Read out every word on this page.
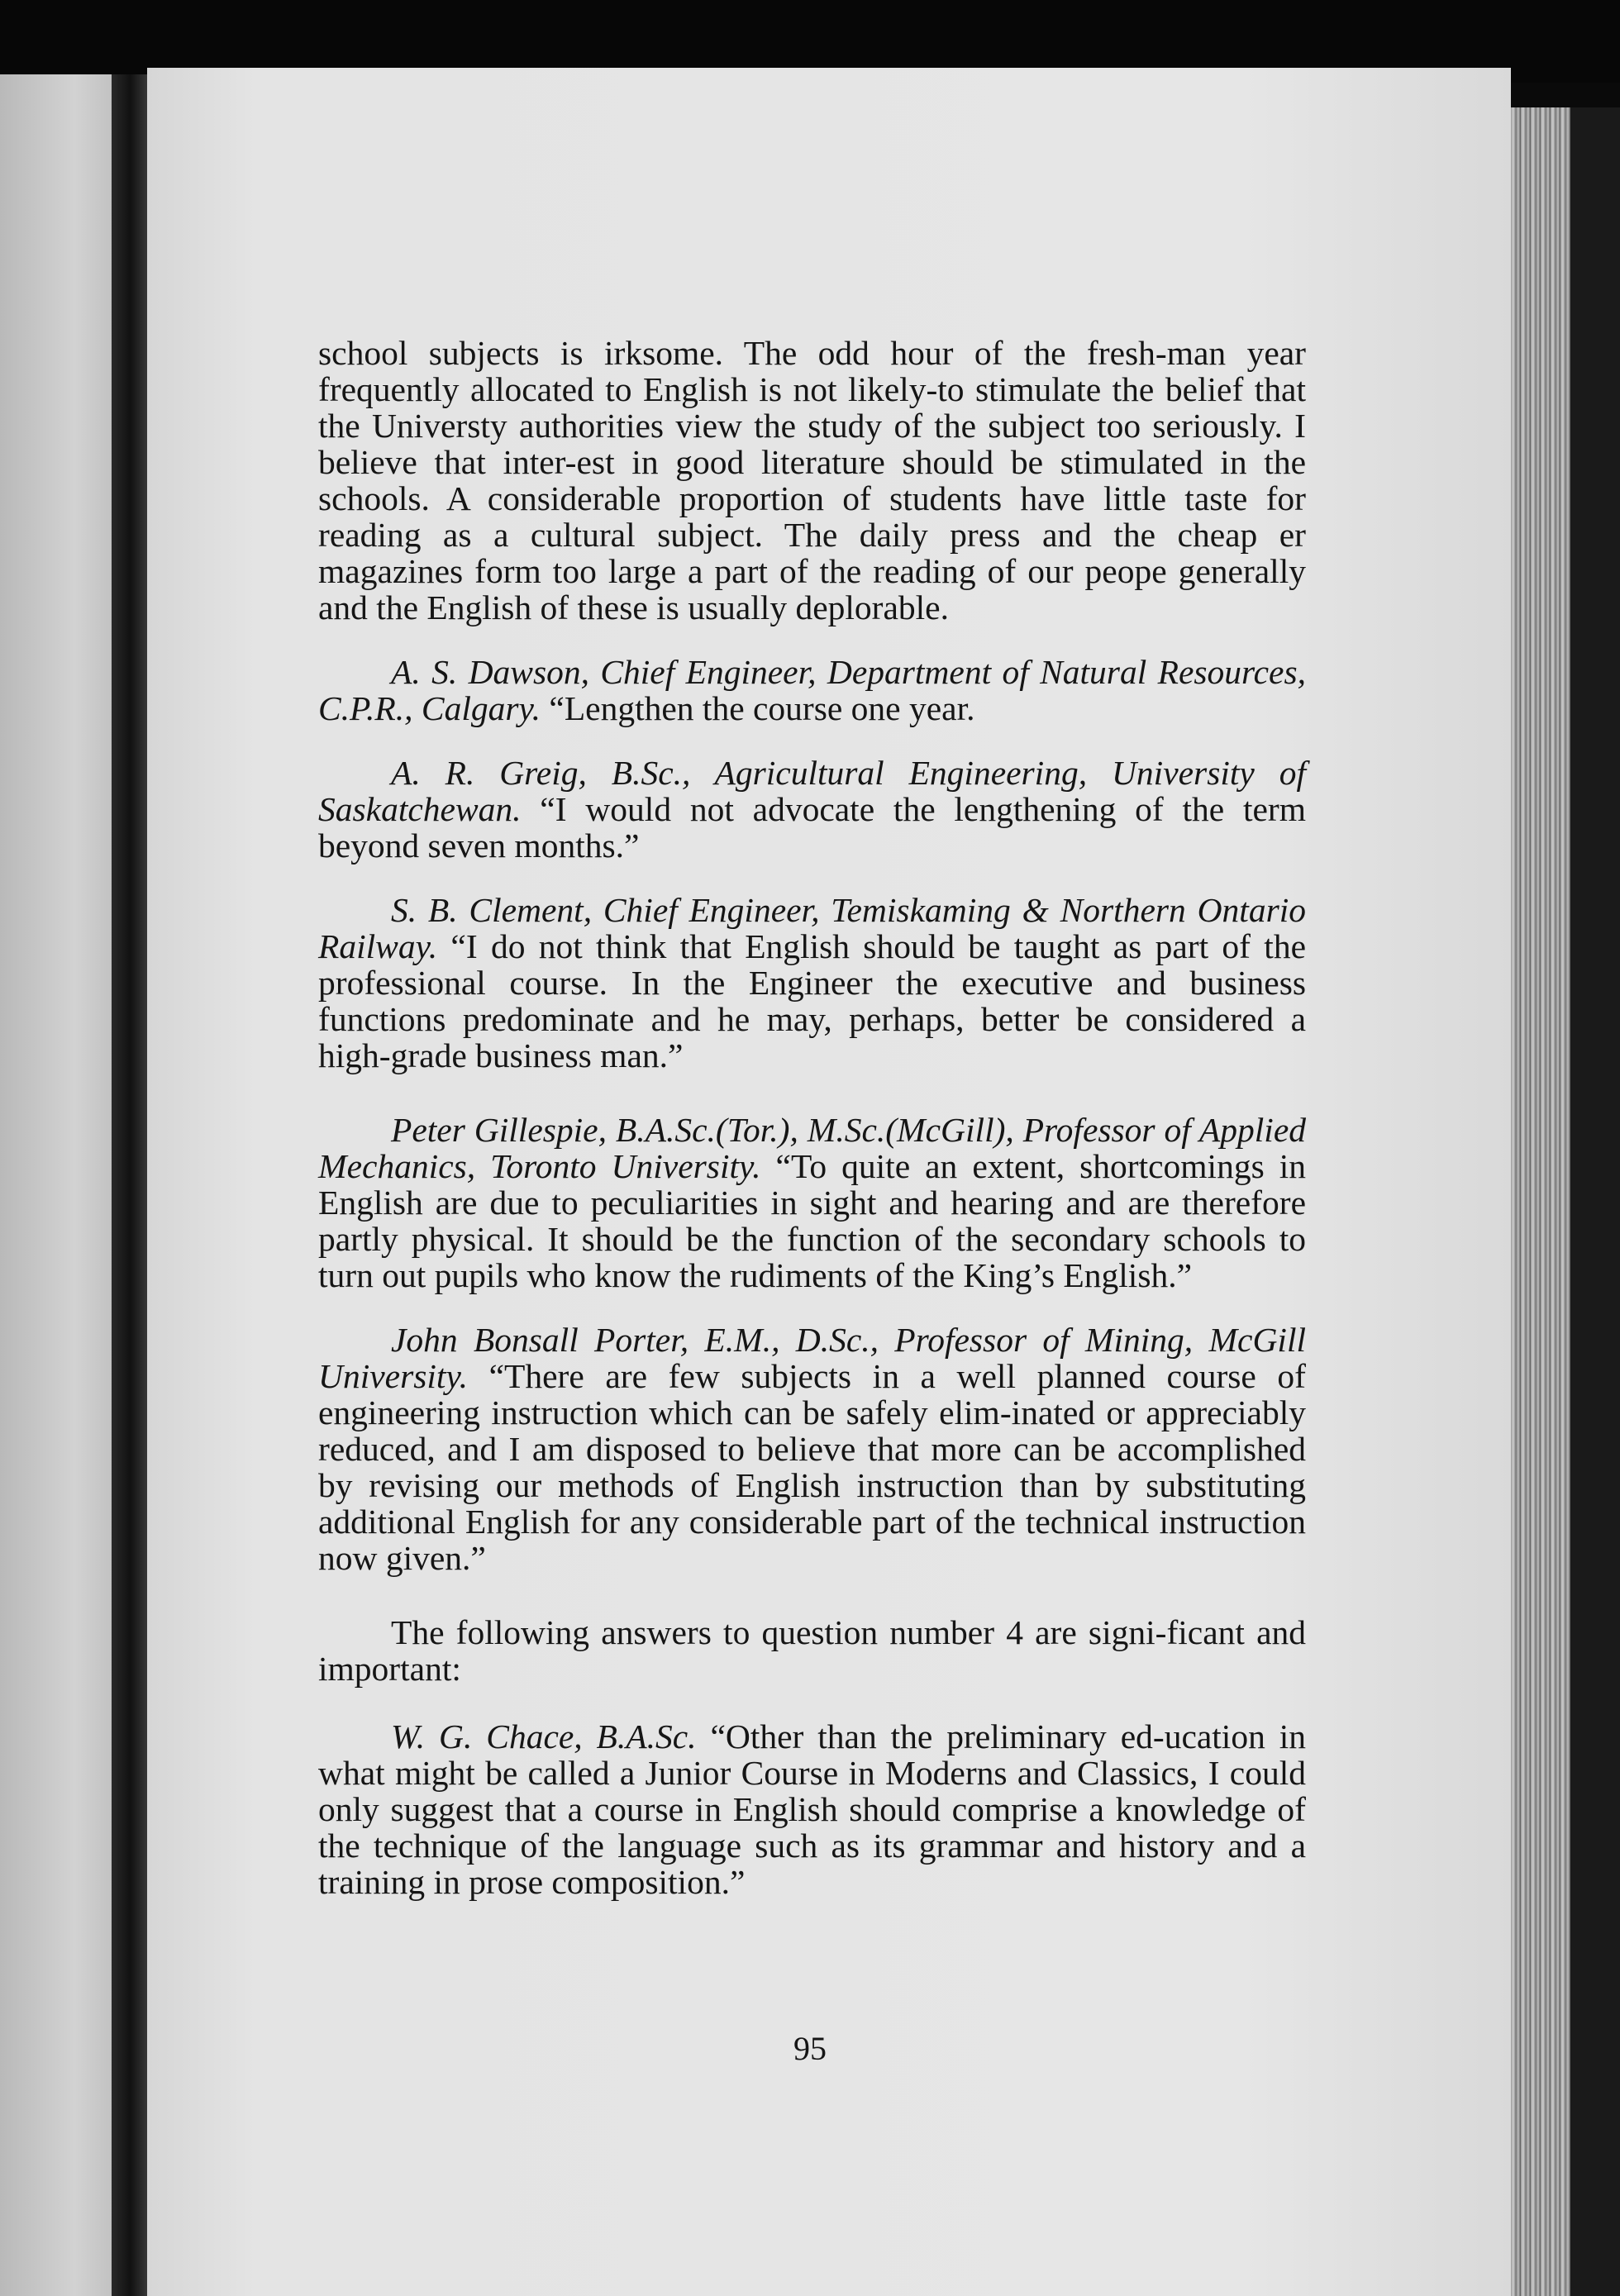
school subjects is irksome. The odd hour of the fresh-man year frequently allocated to English is not likely-to stimulate the belief that the Universty authorities view the study of the subject too seriously. I believe that inter-est in good literature should be stimulated in the schools. A considerable proportion of students have little taste for reading as a cultural subject. The daily press and the cheap er magazines form too large a part of the reading of our peope generally and the English of these is usually deplorable.

A. S. Dawson, Chief Engineer, Department of Natural Resources, C.P.R., Calgary. “Lengthen the course one year.

A. R. Greig, B.Sc., Agricultural Engineering, University of Saskatchewan. “I would not advocate the lengthening of the term beyond seven months.”

S. B. Clement, Chief Engineer, Temiskaming & Northern Ontario Railway. “I do not think that English should be taught as part of the professional course. In the Engineer the executive and business functions predominate and he may, perhaps, better be considered a high-grade business man.”

Peter Gillespie, B.A.Sc.(Tor.), M.Sc.(McGill), Professor of Applied Mechanics, Toronto University. “To quite an extent, shortcomings in English are due to peculiarities in sight and hearing and are therefore partly physical. It should be the function of the secondary schools to turn out pupils who know the rudiments of the King’s English.”

John Bonsall Porter, E.M., D.Sc., Professor of Mining, McGill University. “There are few subjects in a well planned course of engineering instruction which can be safely elim-inated or appreciably reduced, and I am disposed to believe that more can be accomplished by revising our methods of English instruction than by substituting additional English for any considerable part of the technical instruction now given.”

The following answers to question number 4 are signi-ficant and important:

W. G. Chace, B.A.Sc. “Other than the preliminary ed-ucation in what might be called a Junior Course in Moderns and Classics, I could only suggest that a course in English should comprise a knowledge of the technique of the language such as its grammar and history and a training in prose composition.”

95
